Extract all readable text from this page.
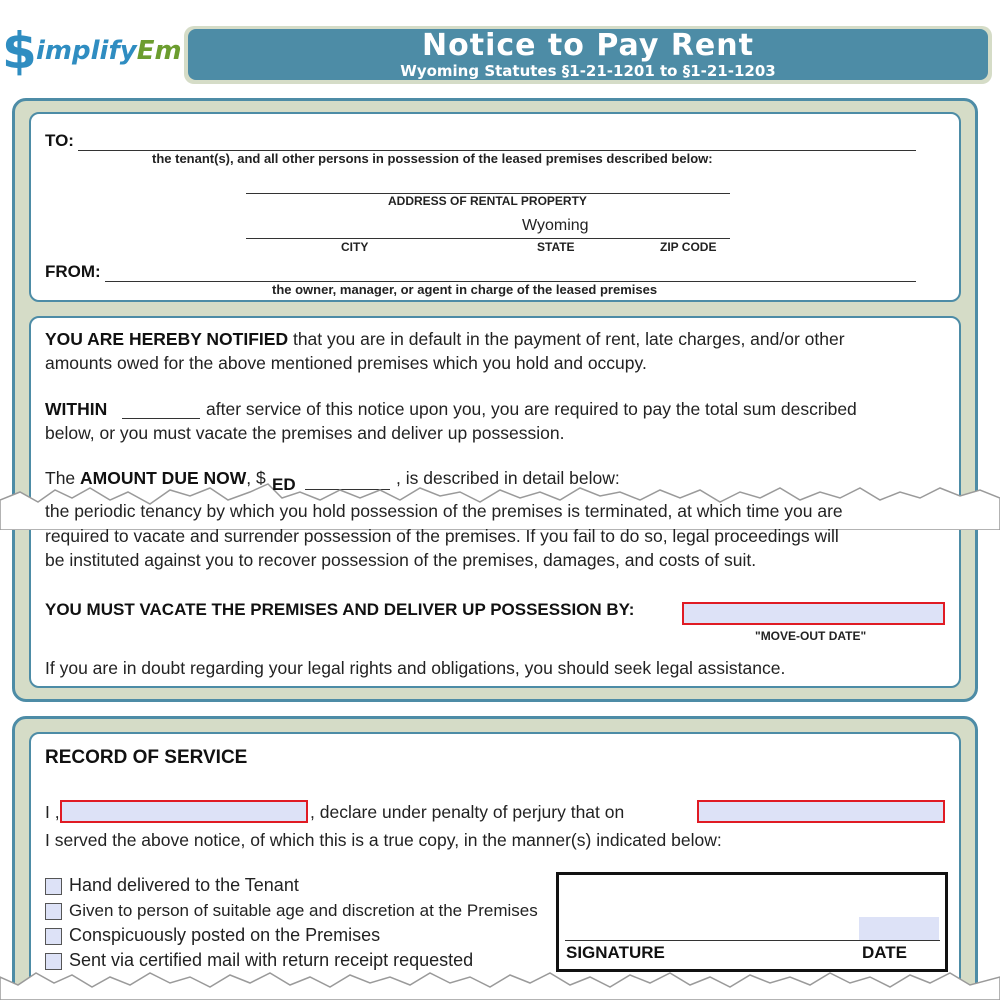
$ implifyEm	Notice to Pay Rent
Wyoming Statutes §1-21-1201 to §1-21-1203
TO:
the tenant(s), and all other persons in possession of the leased premises described below:
ADDRESS OF RENTAL PROPERTY
Wyoming
CITY	STATE	ZIP CODE
FROM:
the owner, manager, or agent in charge of the leased premises
YOU ARE HEREBY NOTIFIED that you are in default in the payment of rent, late charges, and/or other
amounts owed for the above mentioned premises which you hold and occupy.
WITHIN	after service of this notice upon you, you are required to pay the total sum described
below, or you must vacate the premises and deliver up possession.
The AMOUNT DUE NOW, $	, is described in detail below:
ED
the periodic tenancy by which you hold possession of the premises is terminated, at which time you are
required to vacate and surrender possession of the premises. If you fail to do so, legal proceedings will
be instituted against you to recover possession of the premises, damages, and costs of suit.
YOU MUST VACATE THE PREMISES AND DELIVER UP POSSESSION BY:
"MOVE-OUT DATE"
If you are in doubt regarding your legal rights and obligations, you should seek legal assistance.
RECORD OF SERVICE
I ,	, declare under penalty of perjury that on
I served the above notice, of which this is a true copy, in the manner(s) indicated below:
Hand delivered to the Tenant
Given to person of suitable age and discretion at the Premises
Conspicuously posted on the Premises
Sent via certified mail with return receipt requested	SIGNATURE	DATE
